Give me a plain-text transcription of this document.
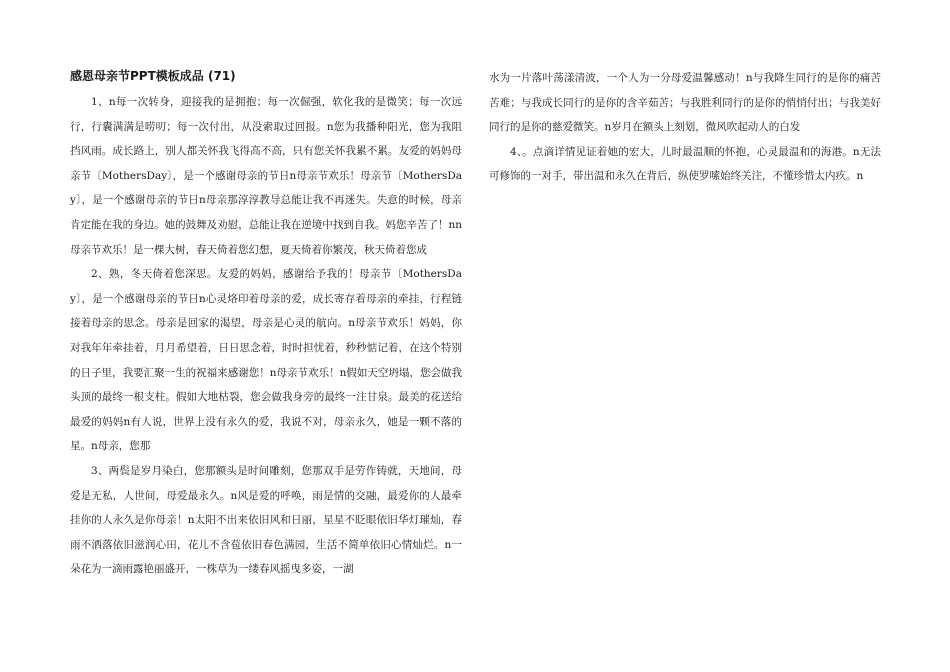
感恩母亲节PPT模板成品 (71)

1、n每一次转身，迎接我的是拥抱；每一次倔强，软化我的是微笑；每一次远行，行囊满满是唠叨；每一次付出，从没索取过回报。n您为我播种阳光，您为我阻挡风雨。成长路上，别人都关怀我飞得高不高，只有您关怀我累不累。友爱的妈妈母亲节〔MothersDay〕，是一个感谢母亲的节日n母亲节欢乐！母亲节〔MothersDay〕，是一个感谢母亲的节日n母亲那淳淳教导总能让我不再迷失。失意的时候，母亲肯定能在我的身边。她的鼓舞及劝慰，总能让我在逆境中找到自我。妈您辛苦了！nn母亲节欢乐！是一棵大树，春天倚着您幻想，夏天倚着你繁茂，秋天倚着您成

2、熟，冬天倚着您深思。友爱的妈妈，感谢给予我的！母亲节〔MothersDay〕，是一个感谢母亲的节日n心灵烙印着母亲的爱，成长寄存着母亲的牵挂，行程链接着母亲的思念。母亲是回家的渴望，母亲是心灵的航向。n母亲节欢乐！妈妈，你对我年年牵挂着，月月希望着，日日思念着，时时担忧着，秒秒惦记着，在这个特别的日子里，我要汇聚一生的祝福来感谢您！n母亲节欢乐！n假如天空坍塌，您会做我头顶的最终一根支柱。假如大地枯裂，您会做我身旁的最终一注甘泉。最美的花送给最爱的妈妈n有人说，世界上没有永久的爱，我说不对，母亲永久，她是一颗不落的星。n母亲，您那

3、两鬓是岁月染白，您那额头是时间雕刻，您那双手是劳作铸就，天地间，母爱是无私，人世间，母爱最永久。n风是爱的呼唤，雨是情的交融，最爱你的人最牵挂你的人永久是你母亲！n太阳不出来依旧风和日丽，星星不眨眼依旧华灯璀灿，春雨不洒落依旧滋润心田，花儿不含苞依旧春色满园，生活不简单依旧心情灿烂。n一朵花为一滴雨露艳丽盛开，一株草为一缕春风摇曳多姿，一湖

水为一片落叶荡漾清波，一个人为一分母爱温馨感动！n与我降生同行的是你的痛苦苦难；与我成长同行的是你的含辛茹苦；与我胜利同行的是你的悄悄付出；与我美好同行的是你的慈爱微笑。n岁月在额头上刻划，微风吹起动人的白发

4、。点滴详情见证着她的宏大，儿时最温顺的怀抱，心灵最温和的海港。n无法可修饰的一对手，带出温和永久在背后，纵使罗嗦始终关注，不懂珍惜太内疚。n
